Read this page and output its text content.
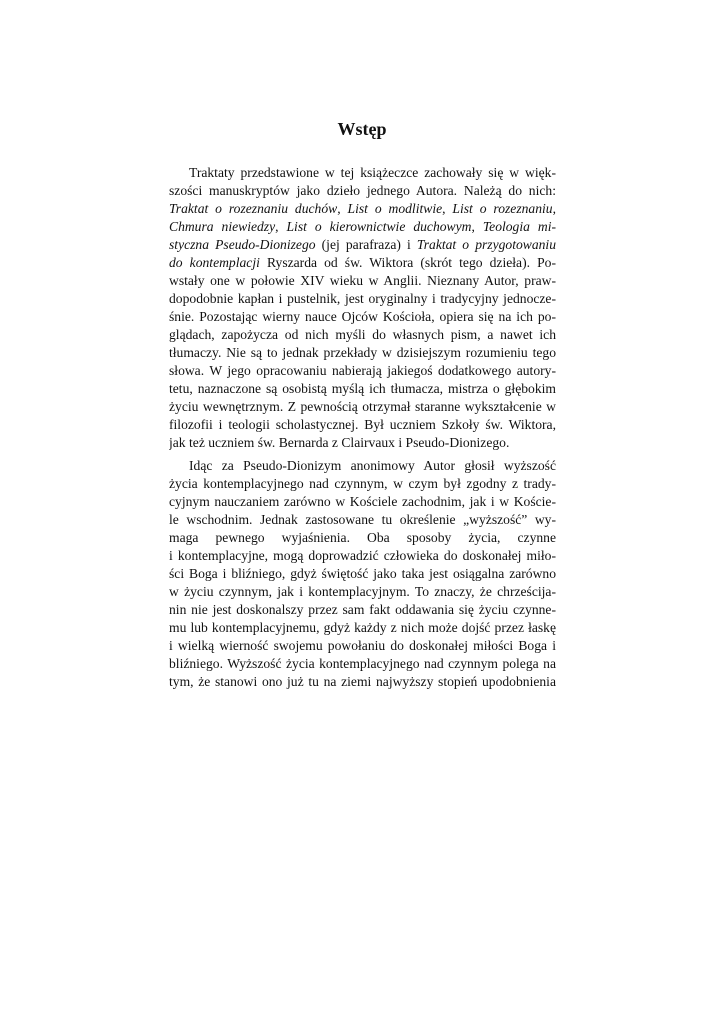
Wstęp
Traktaty przedstawione w tej książeczce zachowały się w więk-
szości manuskryptów jako dzieło jednego Autora. Należą do nich:
Traktat o rozeznaniu duchów, List o modlitwie, List o rozeznaniu,
Chmura niewiedzy, List o kierownictwie duchowym, Teologia mi-
styczna Pseudo-Dionizego (jej parafraza) i Traktat o przygotowaniu
do kontemplacji Ryszarda od św. Wiktora (skrót tego dzieła). Po-
wstały one w połowie XIV wieku w Anglii. Nieznany Autor, praw-
dopodobnie kapłan i pustelnik, jest oryginalny i tradycyjny jednocze-
śnie. Pozostając wierny nauce Ojców Kościoła, opiera się na ich po-
glądach, zapożycza od nich myśli do własnych pism, a nawet ich
tłumaczy. Nie są to jednak przekłady w dzisiejszym rozumieniu tego
słowa. W jego opracowaniu nabierają jakiegoś dodatkowego autory-
tetu, naznaczone są osobistą myślą ich tłumacza, mistrza o głębokim
życiu wewnętrznym. Z pewnością otrzymał staranne wykształcenie w
filozofii i teologii scholastycznej. Był uczniem Szkoły św. Wiktora,
jak też uczniem św. Bernarda z Clairvaux i Pseudo-Dionizego.
Idąc za Pseudo-Dionizym anonimowy Autor głosił wyższość
życia kontemplacyjnego nad czynnym, w czym był zgodny z trady-
cyjnym nauczaniem zarówno w Kościele zachodnim, jak i w Koście-
le wschodnim. Jednak zastosowane tu określenie „wyższość” wy-
maga pewnego wyjaśnienia. Oba sposoby życia, czynne
i kontemplacyjne, mogą doprowadzić człowieka do doskonałej miło-
ści Boga i bliźniego, gdyż świętość jako taka jest osiągalna zarówno
w życiu czynnym, jak i kontemplacyjnym. To znaczy, że chrześcija-
nin nie jest doskonalszy przez sam fakt oddawania się życiu czynne-
mu lub kontemplacyjnemu, gdyż każdy z nich może dojść przez łaskę
i wielką wierność swojemu powołaniu do doskonałej miłości Boga i
bliźniego. Wyższość życia kontemplacyjnego nad czynnym polega na
tym, że stanowi ono już tu na ziemi najwyższy stopień upodobnienia
